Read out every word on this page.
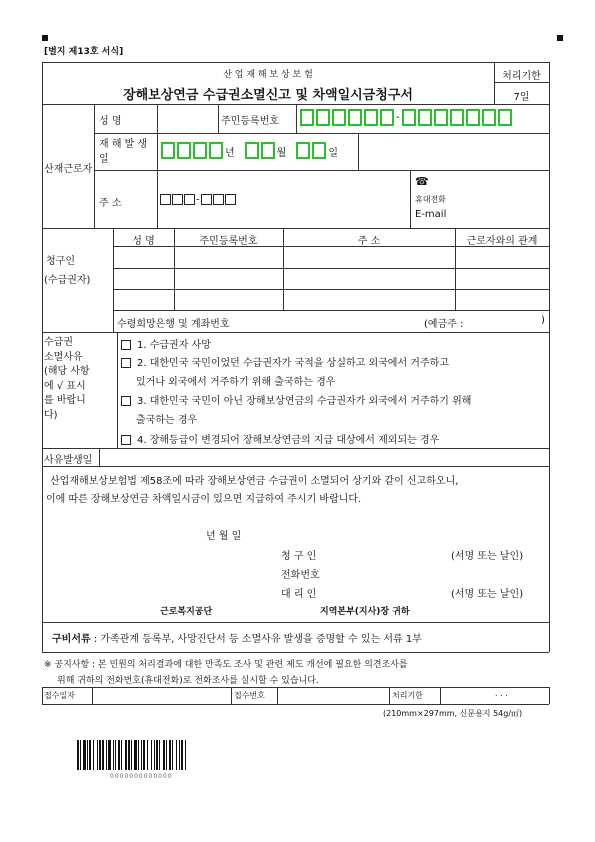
[별지 제13호 서식]
산 업 재 해 보 상 보 험
장해보상연금 수급권소멸신고 및 차액일시금청구서
처리기한
7일
산재근로자
성 명	주민등록번호	-
재 해 발 생 일
년	월	일
주 소	-
☎
휴대전화
E-mail
청구인
(수급권자)
성 명	주민등록번호	주 소	근로자와의 관계
수령희망은행 및 계좌번호	(예금주 :	)
수급권
소멸사유
(해당 사항
에 √ 표시
를 바랍니
다)
1. 수급권자 사망
2. 대한민국 국민이었던 수급권자가 국적을 상실하고 외국에서 거주하고
있거나 외국에서 거주하기 위해 출국하는 경우
3. 대한민국 국민이 아닌 장해보상연금의 수급권자가 외국에서 거주하기 위해
출국하는 경우
4. 장해등급이 변경되어 장해보상연금의 지급 대상에서 제외되는 경우
사유발생일
산업재해보상보험법 제58조에 따라 장해보상연금 수급권이 소멸되어 상기와 같이 신고하오니,
이에 따른 장해보상연금 차액일시금이 있으면 지급하여 주시기 바랍니다.
년 월 일
청 구 인	(서명 또는 날인)
전화번호
대 리 인	(서명 또는 날인)
근로복지공단	지역본부(지사)장 귀하
구비서류 : 가족관계 등록부, 사망진단서 등 소멸사유 발생을 증명할 수 있는 서류 1부
※ 공지사항 : 본 민원의 처리결과에 대한 만족도 조사 및 관련 제도 개선에 필요한 의견조사를
위해 귀하의 전화번호(휴대전화)로 전화조사를 실시할 수 있습니다.
접수일자	접수번호	처리기한	. . .
(210mm×297mm, 신문용지 54g/㎡)
0000000000000
